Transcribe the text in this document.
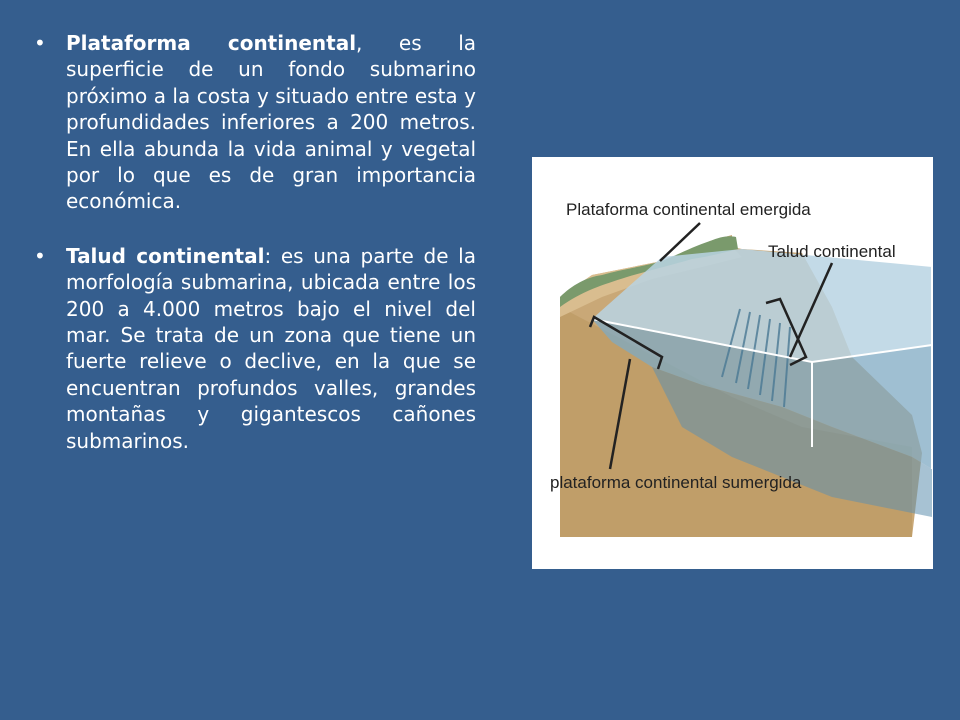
• Plataforma continental, es la superficie de un fondo submarino próximo a la costa y situado entre esta y profundidades inferiores a 200 metros. En ella abunda la vida animal y vegetal por lo que es de gran importancia económica.
• Talud continental: es una parte de la morfología submarina, ubicada entre los 200 a 4.000 metros bajo el nivel del mar. Se trata de un zona que tiene un fuerte relieve o declive, en la que se encuentran profundos valles, grandes montañas y gigantescos cañones submarinos.
Plataforma continental emergida
Talud continental
plataforma continental sumergida
